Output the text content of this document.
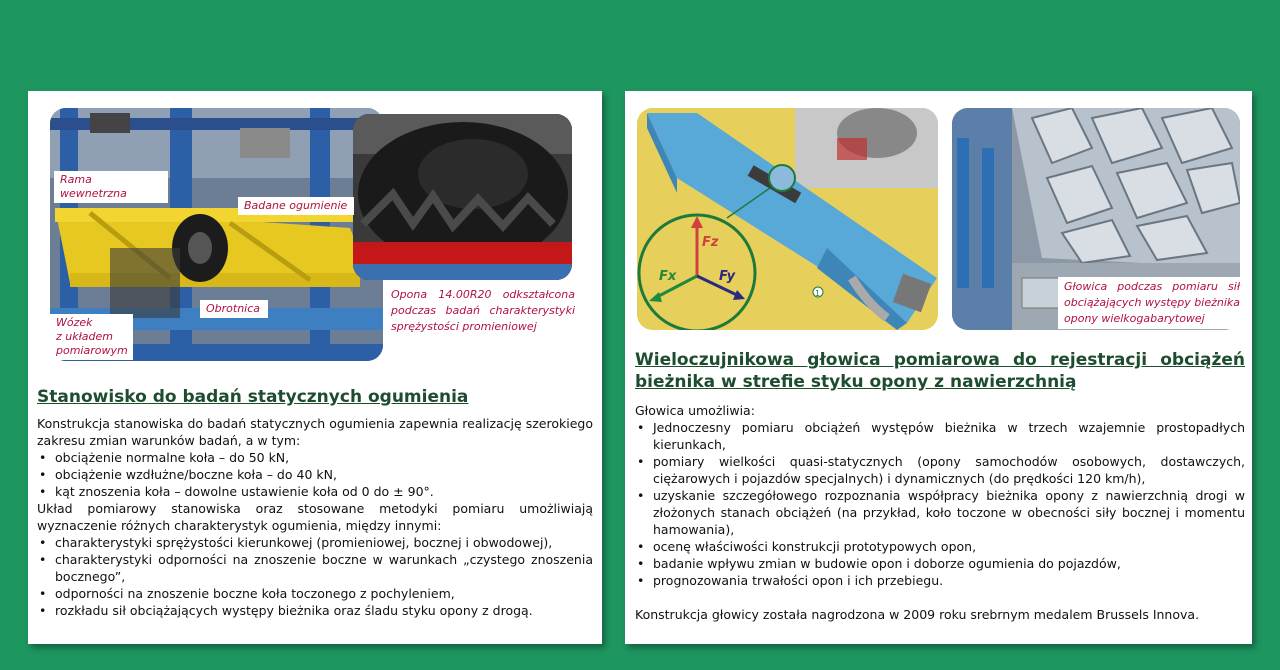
Rama wewnetrzna
Badane ogumienie
Obrotnica
Wózek
z układem
pomiarowym
Opona 14.00R20 odkształcona podczas badań charakterystyki sprężystości promieniowej
Stanowisko do badań statycznych ogumienia

Konstrukcja stanowiska do badań statycznych ogumienia zapewnia realizację szerokiego zakresu zmian warunków badań, a w tym:

• obciążenie normalne koła – do 50 kN,
• obciążenie wzdłużne/boczne koła – do 40 kN,
• kąt znoszenia koła – dowolne ustawienie koła od 0 do ± 90°.

Układ pomiarowy stanowiska oraz stosowane metodyki pomiaru umożliwiają wyznaczenie różnych charakterystyk ogumienia, między innymi:

• charakterystyki sprężystości kierunkowej (promieniowej, bocznej i obwodowej),
• charakterystyki odporności na znoszenie boczne w warunkach „czystego znoszenia bocznego”,
• odporności na znoszenie boczne koła toczonego z pochyleniem,
• rozkładu sił obciążających występy bieżnika oraz śladu styku opony z drogą.
Fz
Fx	Fy
1
Głowica podczas pomiaru sił obciążających występy bieżnika opony wielkogabarytowej
Wieloczujnikowa głowica pomiarowa do rejestracji obciążeń bieżnika w strefie styku opony z nawierzchnią

Głowica umożliwia:

• Jednoczesny pomiaru obciążeń występów bieżnika w trzech wzajemnie prostopadłych kierunkach,
• pomiary wielkości quasi-statycznych (opony samochodów osobowych, dostawczych, ciężarowych i pojazdów specjalnych) i dynamicznych (do prędkości 120 km/h),
• uzyskanie szczegółowego rozpoznania współpracy bieżnika opony z nawierzchnią drogi w złożonych stanach obciążeń (na przykład, koło toczone w obecności siły bocznej i momentu hamowania),
• ocenę właściwości konstrukcji prototypowych opon,
• badanie wpływu zmian w budowie opon i doborze ogumienia do pojazdów,
• prognozowania trwałości opon i ich przebiegu.

Konstrukcja głowicy została nagrodzona w 2009 roku srebrnym medalem Brussels Innova.
